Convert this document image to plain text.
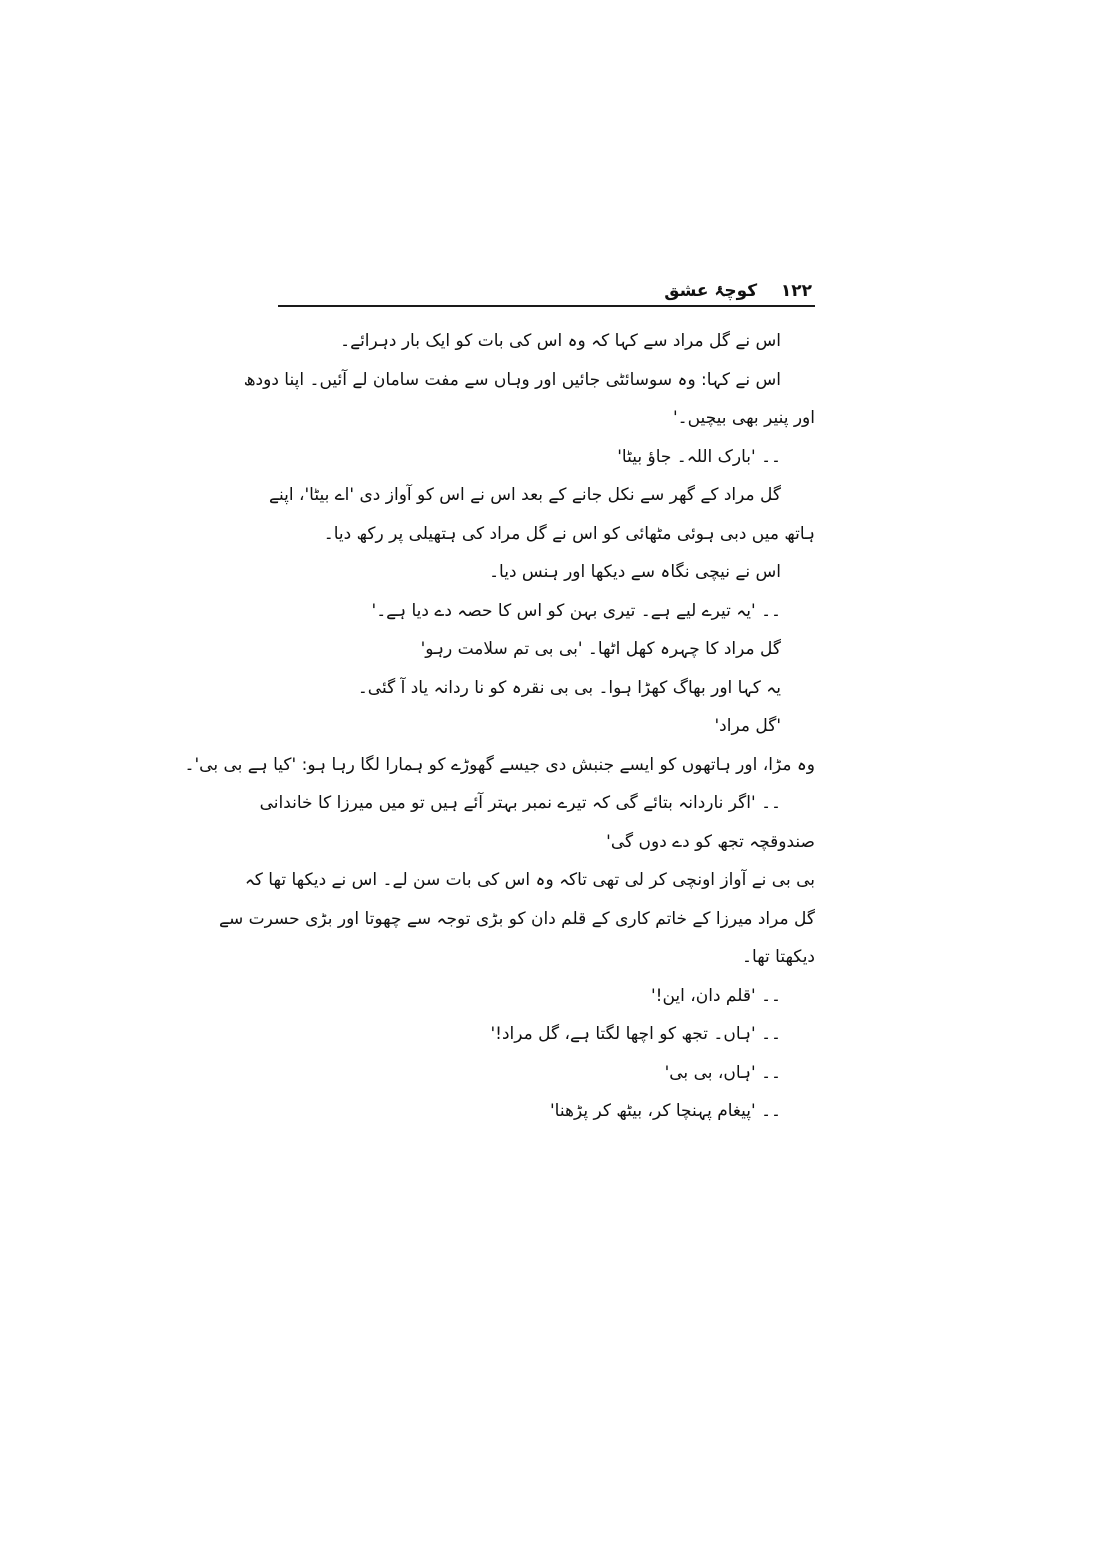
۱۲۲    کوچۂ عشق
اس نے گل مراد سے کہا کہ وہ اس کی بات کو ایک بار دہرائے۔
اس نے کہا: وہ سوسائٹی جائیں اور وہاں سے مفت سامان لے آئیں۔ اپنا دودھ
اور پنیر بھی بیچیں۔'
۔۔ 'بارک اللہ۔ جاؤ بیٹا'
گل مراد کے گھر سے نکل جانے کے بعد اس نے اس کو آواز دی 'اے بیٹا'، اپنے
ہاتھ میں دبی ہوئی مٹھائی کو اس نے گل مراد کی ہتھیلی پر رکھ دیا۔
اس نے نیچی نگاہ سے دیکھا اور ہنس دیا۔
۔۔ 'یہ تیرے لیے ہے۔ تیری بہن کو اس کا حصہ دے دیا ہے۔'
گل مراد کا چہرہ کھل اٹھا۔ 'بی بی تم سلامت رہو'
یہ کہا اور بھاگ کھڑا ہوا۔ بی بی نقرہ کو نا ردانہ یاد آ گئی۔
'گل مراد'
وہ مڑا، اور ہاتھوں کو ایسے جنبش دی جیسے گھوڑے کو ہمارا لگا رہا ہو: 'کیا ہے بی بی'۔
۔۔ 'اگر ناردانہ بتائے گی کہ تیرے نمبر بہتر آئے ہیں تو میں میرزا کا خاندانی
صندوقچہ تجھ کو دے دوں گی'
بی بی نے آواز اونچی کر لی تھی تاکہ وہ اس کی بات سن لے۔ اس نے دیکھا تھا کہ
گل مراد میرزا کے خاتم کاری کے قلم دان کو بڑی توجہ سے چھوتا اور بڑی حسرت سے
دیکھتا تھا۔
۔۔ 'قلم دان، این!'
۔۔ 'ہاں۔ تجھ کو اچھا لگتا ہے، گل مراد!'
۔۔ 'ہاں، بی بی'
۔۔ 'پیغام پہنچا کر، بیٹھ کر پڑھنا'
